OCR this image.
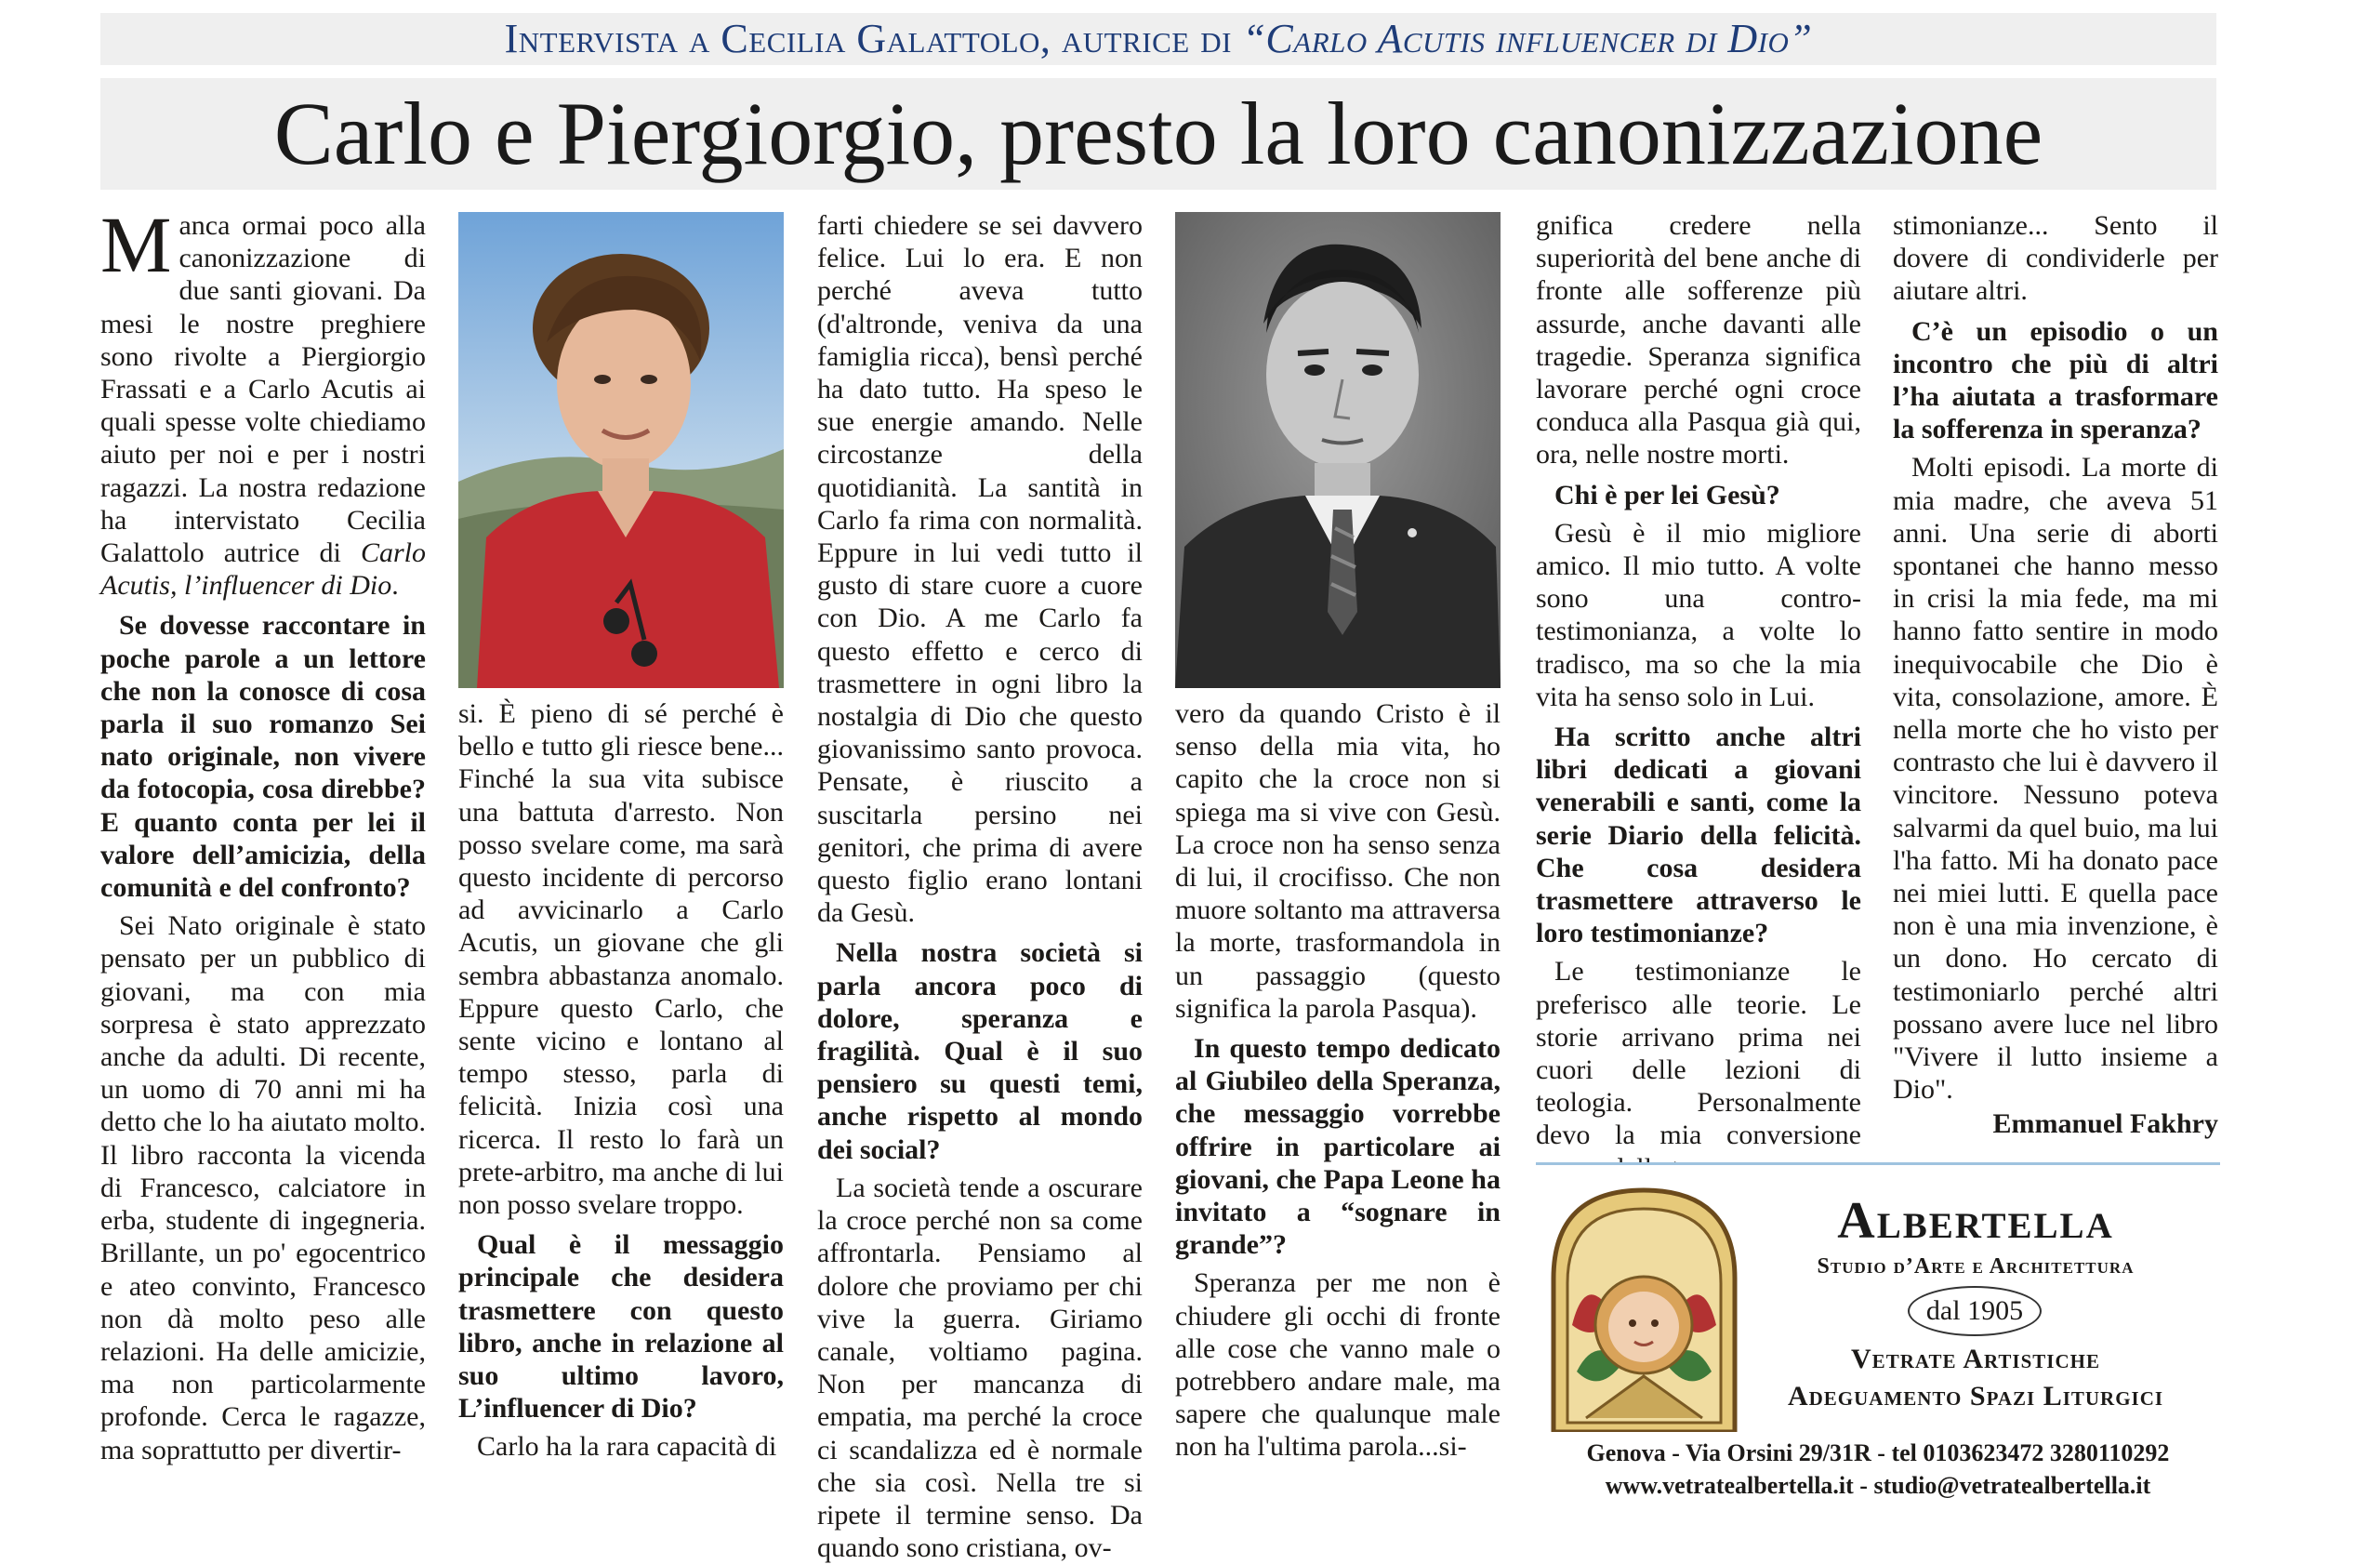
Intervista a Cecilia Galattolo, autrice di “Carlo Acutis influencer di Dio”
Carlo e Piergiorgio, presto la loro canonizzazione

Manca ormai poco alla canonizzazione di due santi giovani. Da mesi le nostre preghiere sono rivolte a Piergiorgio Frassati e a Carlo Acutis ai quali spesse volte chiediamo aiuto per noi e per i nostri ragazzi. La nostra redazione ha intervistato Cecilia Galattolo autrice di Carlo Acutis, l’influencer di Dio.

Se dovesse raccontare in poche parole a un lettore che non la conosce di cosa parla il suo romanzo Sei nato originale, non vivere da fotocopia, cosa direbbe? E quanto conta per lei il valore dell’amicizia, della comunità e del confronto?

Sei Nato originale è stato pensato per un pubblico di giovani, ma con mia sorpresa è stato apprezzato anche da adulti. Di recente, un uomo di 70 anni mi ha detto che lo ha aiutato molto. Il libro racconta la vicenda di Francesco, calciatore in erba, studente di ingegneria. Brillante, un po' egocentrico e ateo convinto, Francesco non dà molto peso alle relazioni. Ha delle amicizie, ma non particolarmente profonde. Cerca le ragazze, ma soprattutto per divertir-

si. È pieno di sé perché è bello e tutto gli riesce bene... Finché la sua vita subisce una battuta d'arresto. Non posso svelare come, ma sarà questo incidente di percorso ad avvicinarlo a Carlo Acutis, un giovane che gli sembra abbastanza anomalo. Eppure questo Carlo, che sente vicino e lontano al tempo stesso, parla di felicità. Inizia così una ricerca. Il resto lo farà un prete-arbitro, ma anche di lui non posso svelare troppo.

Qual è il messaggio principale che desidera trasmettere con questo libro, anche in relazione al suo ultimo lavoro, L’influencer di Dio?

Carlo ha la rara capacità di

farti chiedere se sei davvero felice. Lui lo era. E non perché aveva tutto (d'altronde, veniva da una famiglia ricca), bensì perché ha dato tutto. Ha speso le sue energie amando. Nelle circostanze della quotidianità. La santità in Carlo fa rima con normalità. Eppure in lui vedi tutto il gusto di stare cuore a cuore con Dio. A me Carlo fa questo effetto e cerco di trasmettere in ogni libro la nostalgia di Dio che questo giovanissimo santo provoca. Pensate, è riuscito a suscitarla persino nei genitori, che prima di avere questo figlio erano lontani da Gesù.

Nella nostra società si parla ancora poco di dolore, speranza e fragilità. Qual è il suo pensiero su questi temi, anche rispetto al mondo dei social?

La società tende a oscurare la croce perché non sa come affrontarla. Pensiamo al dolore che proviamo per chi vive la guerra. Giriamo canale, voltiamo pagina. Non per mancanza di empatia, ma perché la croce ci scandalizza ed è normale che sia così. Nella tre si ripete il termine senso. Da quando sono cristiana, ov-

vero da quando Cristo è il senso della mia vita, ho capito che la croce non si spiega ma si vive con Gesù. La croce non ha senso senza di lui, il crocifisso. Che non muore soltanto ma attraversa la morte, trasformandola in un passaggio (questo significa la parola Pasqua).

In questo tempo dedicato al Giubileo della Speranza, che messaggio vorrebbe offrire in particolare ai giovani, che Papa Leone ha invitato a “sognare in grande”?

Speranza per me non è chiudere gli occhi di fronte alle cose che vanno male o potrebbero andare male, ma sapere che qualunque male non ha l'ultima parola...si-

gnifica credere nella superiorità del bene anche di fronte alle sofferenze più assurde, anche davanti alle tragedie. Speranza significa lavorare perché ogni croce conduca alla Pasqua già qui, ora, nelle nostre morti.

Chi è per lei Gesù?

Gesù è il mio migliore amico. Il mio tutto. A volte sono una contro-testimonianza, a volte lo tradisco, ma so che la mia vita ha senso solo in Lui.

Ha scritto anche altri libri dedicati a giovani venerabili e santi, come la serie Diario della felicità. Che cosa desidera trasmettere attraverso le loro testimonianze?

Le testimonianze le preferisco alle teorie. Le storie arrivano prima nei cuori delle lezioni di teologia. Personalmente devo la mia conversione

stimonianze... Sento il dovere di condividerle per aiutare altri.

C’è un episodio o un incontro che più di altri l’ha aiutata a trasformare la sofferenza in speranza?

Molti episodi. La morte di mia madre, che aveva 51 anni. Una serie di aborti spontanei che hanno messo in crisi la mia fede, ma mi hanno fatto sentire in modo inequivocabile che Dio è vita, consolazione, amore. È nella morte che ho visto per contrasto che lui è davvero il vincitore. Nessuno poteva salvarmi da quel buio, ma lui l'ha fatto. Mi ha donato pace nei miei lutti. E quella pace non è una mia invenzione, è un dono. Ho cercato di testimoniarlo perché altri possano avere luce nel libro "Vivere il lutto insieme a Dio".

Emmanuel Fakhry

Albertella
Studio d’Arte e Architettura
dal 1905
Vetrate Artistiche
Adeguamento Spazi Liturgici
Genova - Via Orsini 29/31R - tel 0103623472 3280110292
www.vetratealbertella.it - studio@vetratealbertella.it
